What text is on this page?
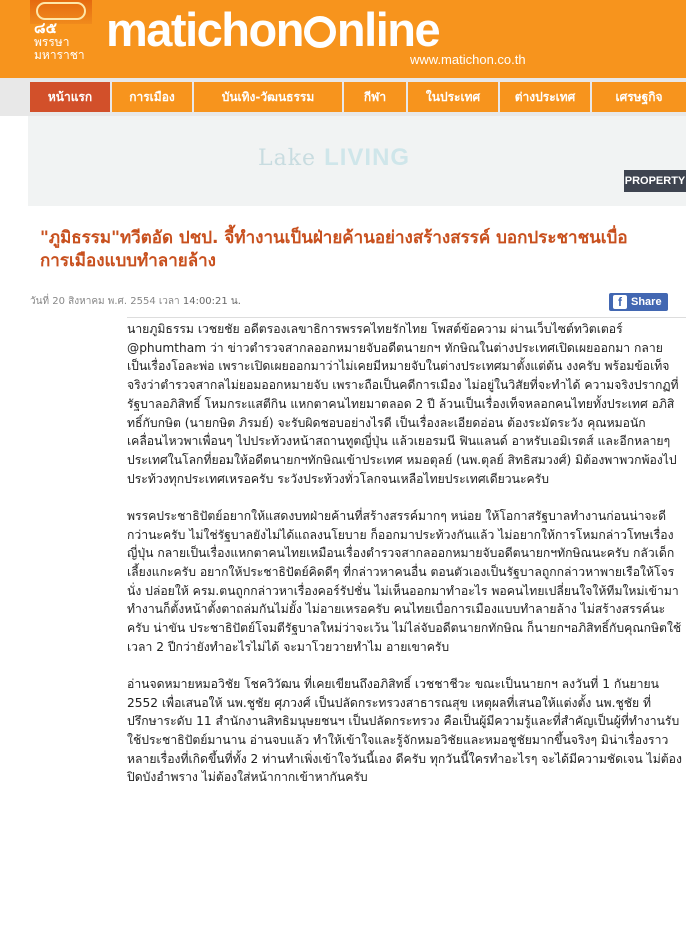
๘๕ พรรษา
มหาราชา matichon nline
www.matichon.co.th
หน้าแรก	การเมือง	บันเทิง-วัฒนธรรม	กีฬา	ในประเทศ	ต่างประเทศ	เศรษฐกิจ
Lake LIVING
PROPERTY
"ภูมิธรรม"ทวีตอัด ปชป. จี้ทำงานเป็นฝ่ายค้านอย่างสร้างสรรค์ บอกประชาชนเบื่อการเมืองแบบทำลายล้าง
วันที่ 20 สิงหาคม พ.ศ. 2554 เวลา 14:00:21 น.	f Share

นายภูมิธรรม เวชยชัย อดีตรองเลขาธิการพรรคไทยรักไทย โพสต์ข้อความ ผ่านเว็บไซต์ทวิตเตอร์ @phumtham ว่า ข่าวตำรวจสากลออกหมายจับอดีตนายกฯ ทักษิณในต่างประเทศเปิดเผยออกมา กลายเป็นเรื่องโอละพ่อ เพราะเปิดเผยออกมาว่าไม่เคยมีหมายจับในต่างประเทศมาตั้งแต่ต้น งงครับ พร้อมข้อเท็จจริงว่าตำรวจสากลไม่ยอมออกหมายจับ เพราะถือเป็นคดีการเมือง ไม่อยู่ในวิสัยที่จะทำได้ ความจริงปรากฏที่รัฐบาลอภิสิทธิ์ โหมกระแสตีกิน แหกตาคนไทยมาตลอด 2 ปี ล้วนเป็นเรื่องเท็จหลอกคนไทยทั้งประเทศ อภิสิทธิ์กับกษิต (นายกษิต ภิรมย์) จะรับผิดชอบอย่างไรดี เป็นเรื่องละเอียดอ่อน ต้องระมัดระวัง คุณหมอนักเคลื่อนไหวพาเพื่อนๆ ไปประท้วงหน้าสถานทูตญี่ปุ่น แล้วเยอรมนี ฟินแลนด์ อาหรับเอมิเรตส์ และอีกหลายๆ ประเทศในโลกที่ยอมให้อดีตนายกฯทักษิณเข้าประเทศ หมอตุลย์ (นพ.ตุลย์ สิทธิสมวงศ์) มิต้องพาพวกพ้องไปประท้วงทุกประเทศเหรอครับ ระวังประท้วงทั่วโลกจนเหลือไทยประเทศเดียวนะครับ

พรรคประชาธิปัตย์อยากให้แสดงบทฝ่ายค้านที่สร้างสรรค์มากๆ หน่อย ให้โอกาสรัฐบาลทำงานก่อนน่าจะดีกว่านะครับ ไม่ใช่รัฐบาลยังไม่ได้แถลงนโยบาย ก็ออกมาประท้วงกันแล้ว ไม่อยากให้การโหมกล่าวโทษเรื่องญี่ปุ่น กลายเป็นเรื่องแหกตาคนไทยเหมือนเรื่องตำรวจสากลออกหมายจับอดีตนายกฯทักษิณนะครับ กลัวเด็กเลี้ยงแกะครับ อยากให้ประชาธิปัตย์คิดดีๆ ที่กล่าวหาคนอื่น ตอนตัวเองเป็นรัฐบาลถูกกล่าวหาพายเรือให้โจรนั่ง ปล่อยให้ ครม.ตนถูกกล่าวหาเรื่องคอร์รัปชั่น ไม่เห็นออกมาทำอะไร พอคนไทยเปลี่ยนใจให้ทีมใหม่เข้ามาทำงานก็ตั้งหน้าตั้งตาถล่มกันไม่ยั้ง ไม่อายเหรอครับ คนไทยเบื่อการเมืองแบบทำลายล้าง ไม่สร้างสรรค์นะครับ น่าขัน ประชาธิปัตย์โจมตีรัฐบาลใหม่ว่าจะเว้น ไม่ไล่จับอดีตนายกทักษิณ ก็นายกฯอภิสิทธิ์กับคุณกษิตใช้เวลา 2 ปีกว่ายังทำอะไรไม่ได้ จะมาโวยวายทำไม อายเขาครับ

อ่านจดหมายหมอวิชัย โชควิวัฒน ที่เคยเขียนถึงอภิสิทธิ์ เวชชาชีวะ ขณะเป็นนายกฯ ลงวันที่ 1 กันยายน 2552 เพื่อเสนอให้ นพ.ชูชัย ศุภวงศ์ เป็นปลัดกระทรวงสาธารณสุข เหตุผลที่เสนอให้แต่งตั้ง นพ.ชูชัย ที่ปรึกษาระดับ 11 สำนักงานสิทธิมนุษยชนฯ เป็นปลัดกระทรวง คือเป็นผู้มีความรู้และที่สำคัญเป็นผู้ที่ทำงานรับใช้ประชาธิปัตย์มานาน อ่านจบแล้ว ทำให้เข้าใจและรู้จักหมอวิชัยและหมอชูชัยมากขึ้นจริงๆ มิน่าเรื่องราวหลายเรื่องที่เกิดขึ้นที่ทั้ง 2 ท่านทำเพิ่งเข้าใจวันนี้เอง ดีครับ ทุกวันนี้ใครทำอะไรๆ จะได้มีความชัดเจน ไม่ต้องปิดบังอำพราง ไม่ต้องใส่หน้ากากเข้าหากันครับ
